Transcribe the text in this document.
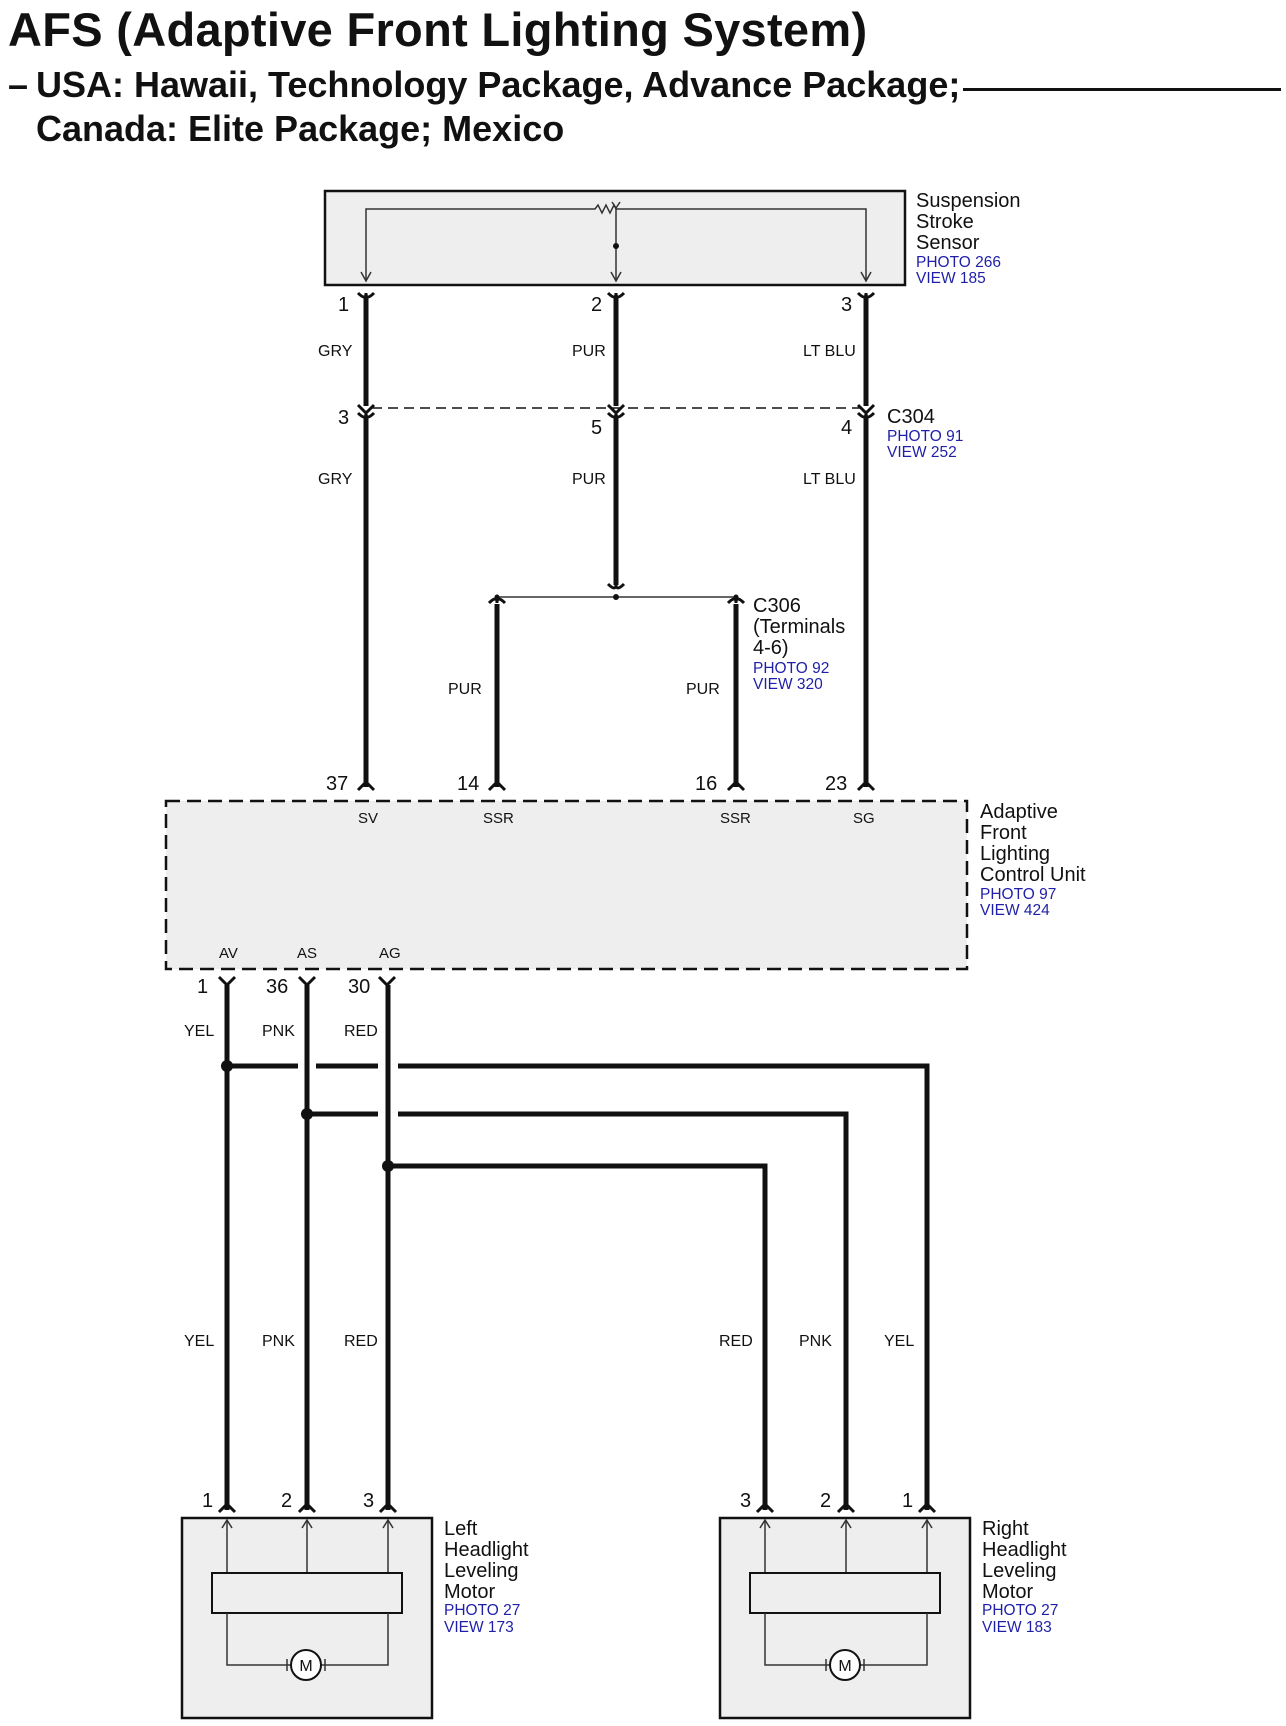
AFS (Adaptive Front Lighting System)
– USA: Hawaii, Technology Package, Advance Package;
Canada: Elite Package; Mexico
Suspension
Stroke
Sensor
PHOTO 266
VIEW 185
1	2	3
GRY	PUR	LT BLU
3	5	4 C304
PHOTO 91
VIEW 252
GRY	PUR	LT BLU
PUR	PUR
C306
(Terminals
4-6)
PHOTO 92
VIEW 320
37	14	16	23
SV	SSR	SSR	SG
AV	AS	AG
Adaptive
Front
Lighting
Control Unit
PHOTO 97
VIEW 424
1	36	30
YEL	PNK	RED
YEL	PNK	RED	RED	PNK	YEL
1	2	3
M
Left
Headlight
Leveling
Motor
PHOTO 27
VIEW 173
3	2	1
M
Right
Headlight
Leveling
Motor
PHOTO 27
VIEW 183
